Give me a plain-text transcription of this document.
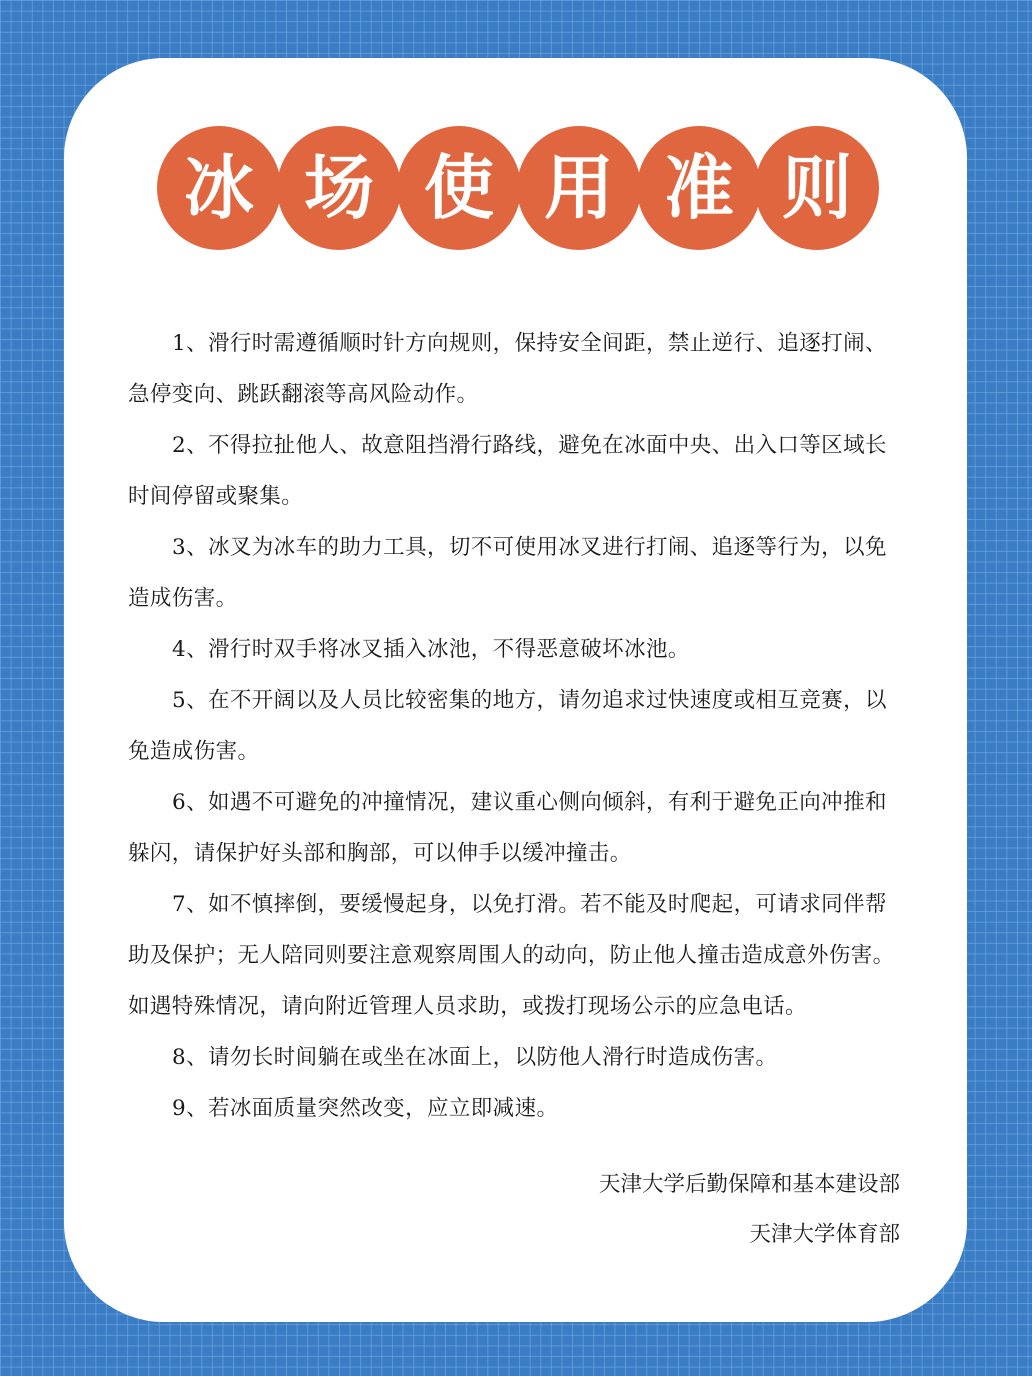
冰 场 使 用 准 则
1、滑行时需遵循顺时针方向规则，保持安全间距，禁止逆行、追逐打闹、
急停变向、跳跃翻滚等高风险动作。
2、不得拉扯他人、故意阻挡滑行路线，避免在冰面中央、出入口等区域长
时间停留或聚集。
3、冰叉为冰车的助力工具，切不可使用冰叉进行打闹、追逐等行为，以免
造成伤害。
4、滑行时双手将冰叉插入冰池，不得恶意破坏冰池。
5、在不开阔以及人员比较密集的地方，请勿追求过快速度或相互竞赛，以
免造成伤害。
6、如遇不可避免的冲撞情况，建议重心侧向倾斜，有利于避免正向冲推和
躲闪，请保护好头部和胸部，可以伸手以缓冲撞击。
7、如不慎摔倒，要缓慢起身，以免打滑。若不能及时爬起，可请求同伴帮
助及保护；无人陪同则要注意观察周围人的动向，防止他人撞击造成意外伤害。
如遇特殊情况，请向附近管理人员求助，或拨打现场公示的应急电话。
8、请勿长时间躺在或坐在冰面上，以防他人滑行时造成伤害。
9、若冰面质量突然改变，应立即减速。
天津大学后勤保障和基本建设部
天津大学体育部
